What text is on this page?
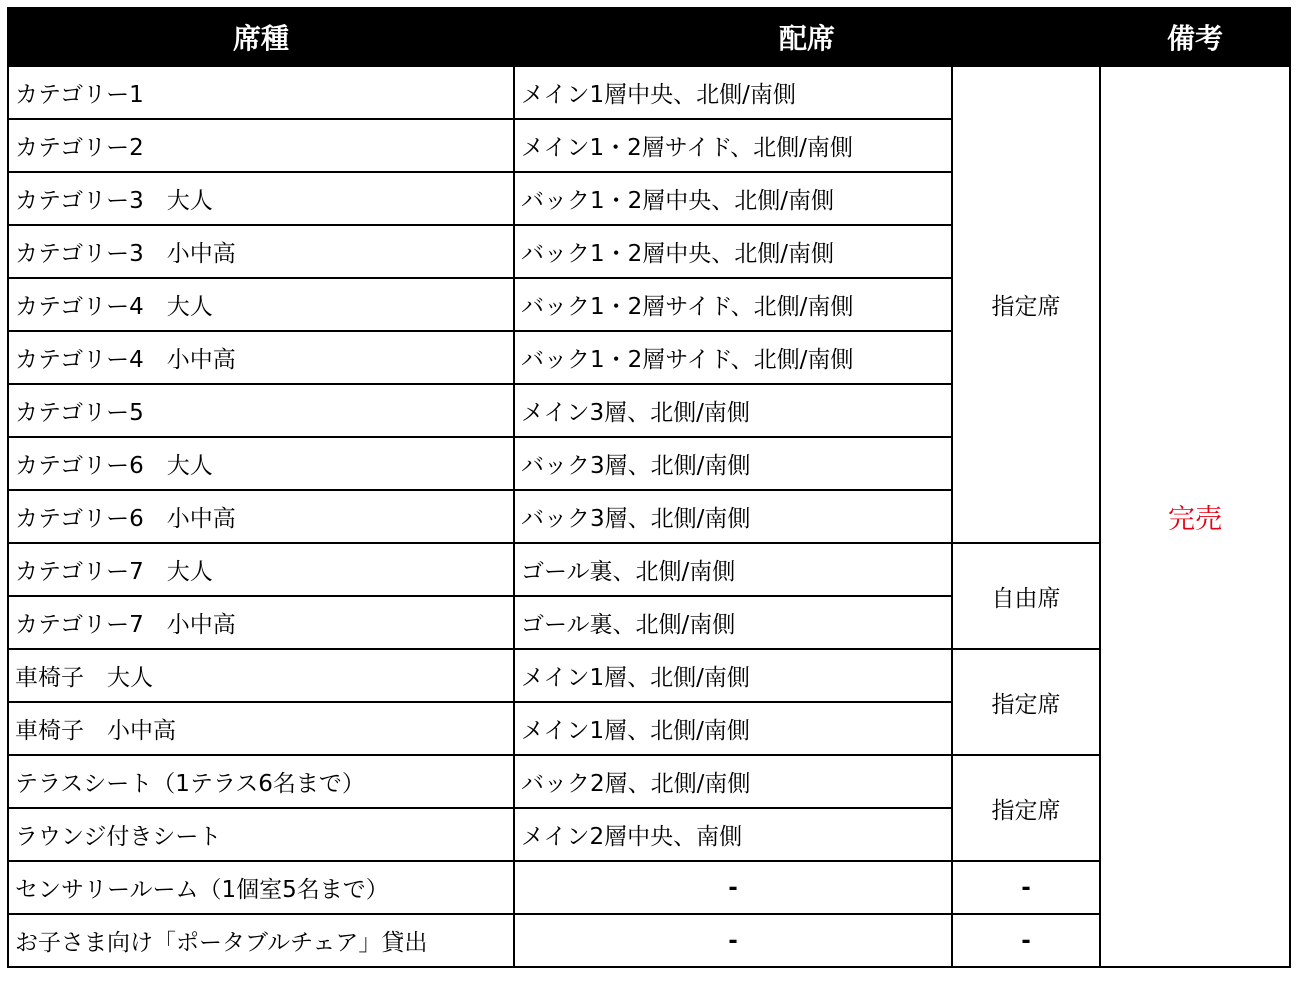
席種	配席		備考
カテゴリー1	メイン1層中央、北側/南側	指定席	完売
カテゴリー2	メイン1・2層サイド、北側/南側		
カテゴリー3　大人	バック1・2層中央、北側/南側		
カテゴリー3　小中高	バック1・2層中央、北側/南側		
カテゴリー4　大人	バック1・2層サイド、北側/南側		
カテゴリー4　小中高	バック1・2層サイド、北側/南側		
カテゴリー5	メイン3層、北側/南側		
カテゴリー6　大人	バック3層、北側/南側		
カテゴリー6　小中高	バック3層、北側/南側		
カテゴリー7　大人	ゴール裏、北側/南側	自由席	
カテゴリー7　小中高	ゴール裏、北側/南側		
車椅子　大人	メイン1層、北側/南側	指定席	
車椅子　小中高	メイン1層、北側/南側		
テラスシート（1テラス6名まで）	バック2層、北側/南側	指定席	
ラウンジ付きシート	メイン2層中央、南側		
センサリールーム（1個室5名まで）	-	-	
お子さま向け「ポータブルチェア」貸出	-	-	
